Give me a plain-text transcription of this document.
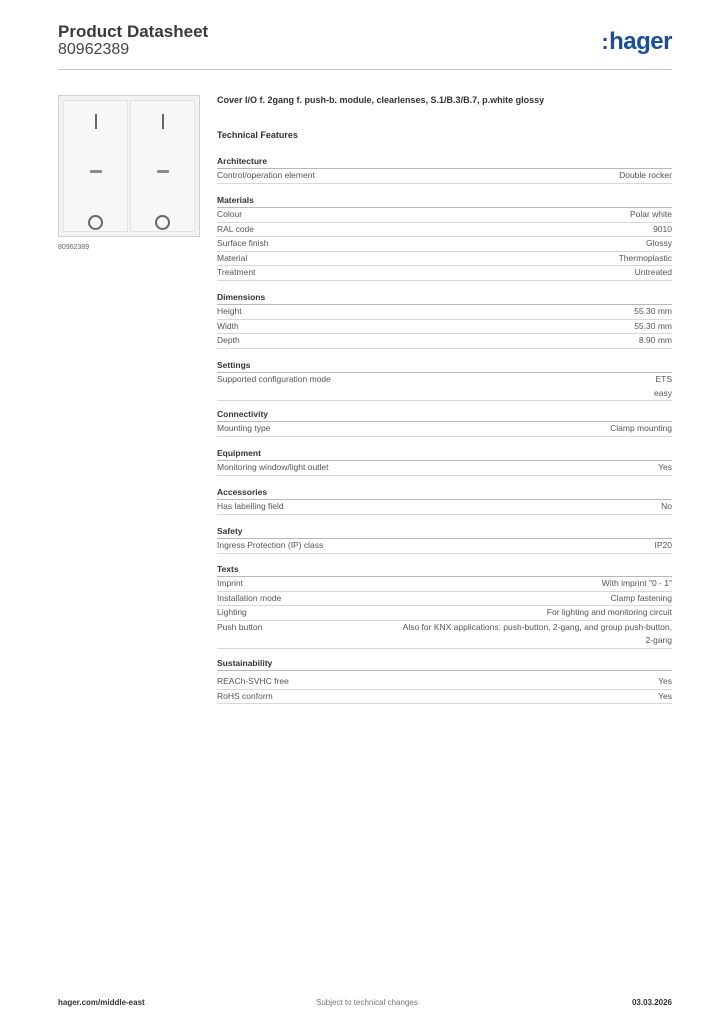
Product Datasheet
80962389	:hager
80962389
Cover I/O f. 2gang f. push-b. module, clearlenses, S.1/B.3/B.7, p.white glossy
Technical Features
Architecture
Control/operation element	Double rocker
Materials
Colour	Polar white
RAL code	9010
Surface finish	Glossy
Material	Thermoplastic
Treatment	Untreated
Dimensions
Height	55.30 mm
Width	55.30 mm
Depth	8.90 mm
Settings
Supported configuration mode	ETS
easy
Connectivity
Mounting type	Clamp mounting
Equipment
Monitoring window/light outlet	Yes
Accessories
Has labelling field	No
Safety
Ingress Protection (IP) class	IP20
Texts
Imprint	With imprint "0 - 1"
Installation mode	Clamp fastening
Lighting	For lighting and monitoring circuit
Push button	Also for KNX applications: push-button, 2-gang, and group push-button,
2-gang
Sustainability
REACh-SVHC free	Yes
RoHS conform	Yes
hager.com/middle-east	Subject to technical changes	03.03.2026
